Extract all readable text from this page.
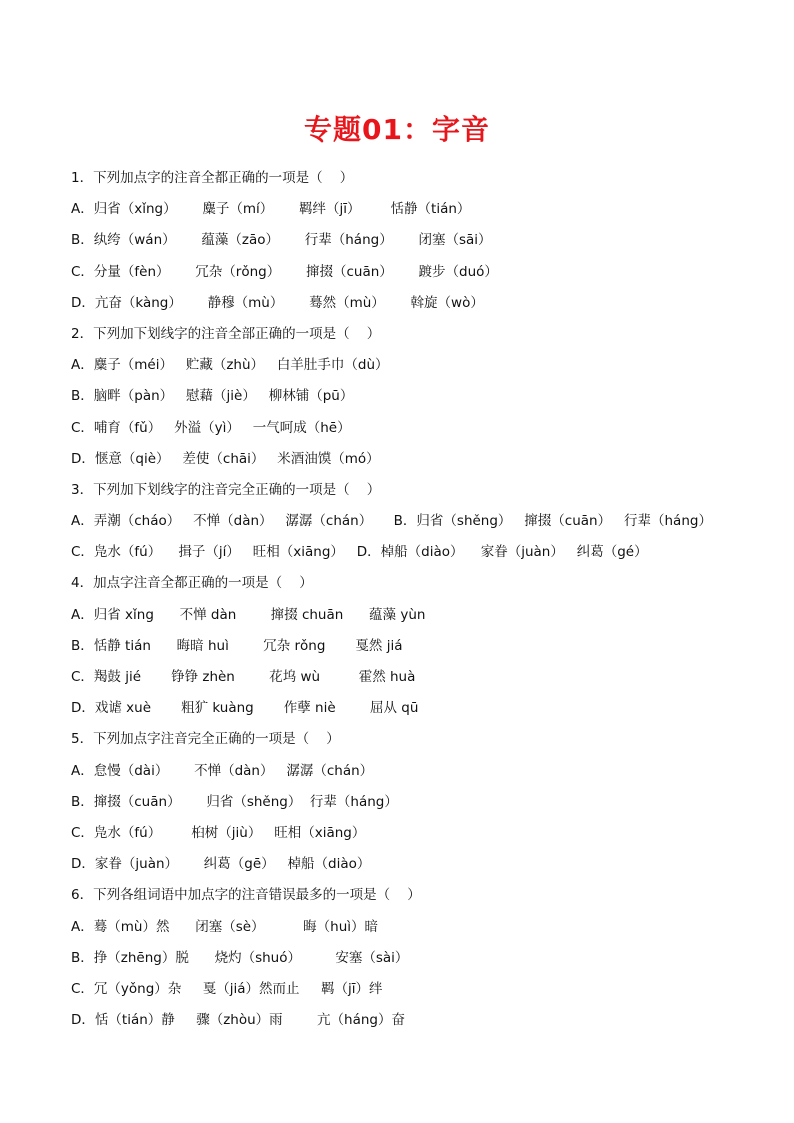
专题01：字音
1．下列加点字的注音全都正确的一项是（    ）
A．归省（xǐng）      麋子（mí）      羁绊（jī）       恬静（tián）
B．纨绔（wán）      蕴藻（zāo）      行辈（háng）      闭塞（sāi）
C．分量（fèn）      冗杂（rǒng）      撺掇（cuān）      踱步（duó）
D．亢奋（kàng）      静穆（mù）      蓦然（mù）      斡旋（wò）
2．下列加下划线字的注音全部正确的一项是（    ）
A．麋子（méi）   贮藏（zhù）   白羊肚手巾（dù）
B．脑畔（pàn）   慰藉（jiè）   柳林铺（pū）
C．哺育（fǔ）   外溢（yì）   一气呵成（hē）
D．惬意（qiè）   差使（chāi）   米酒油馍（mó）
3．下列加下划线字的注音完全正确的一项是（    ）
A．弄潮（cháo）   不惮（dàn）   潺潺（chán）     B．归省（shěng）   撺掇（cuān）   行辈（háng）
C．凫水（fú）    揖子（jí）   旺相（xiāng）   D．棹船（diào）    家眷（juàn）   纠葛（gé）
4．加点字注音全都正确的一项是（    ）
A．归省 xǐng      不惮 dàn        撺掇 chuān      蕴藻 yùn
B．恬静 tián      晦暗 huì        冗杂 rǒng       戛然 jiá
C．羯鼓 jié       铮铮 zhèn        花坞 wù         霍然 huà
D．戏谑 xuè       粗犷 kuàng       作孽 niè        屈从 qū
5．下列加点字注音完全正确的一项是（    ）
A．怠慢（dài）      不惮（dàn）   潺潺（chán）
B．撺掇（cuān）      归省（shěng）  行辈（háng）
C．凫水（fú）       桕树（jiù）   旺相（xiāng）
D．家眷（juàn）      纠葛（gē）   棹船（diào）
6．下列各组词语中加点字的注音错误最多的一项是（    ）
A．蓦（mù）然      闭塞（sè）         晦（huì）暗
B．挣（zhēng）脱      烧灼（shuó）        安塞（sài）
C．冗（yǒng）杂     戛（jiá）然而止     羁（jī）绊
D．恬（tián）静     骤（zhòu）雨        亢（háng）奋
